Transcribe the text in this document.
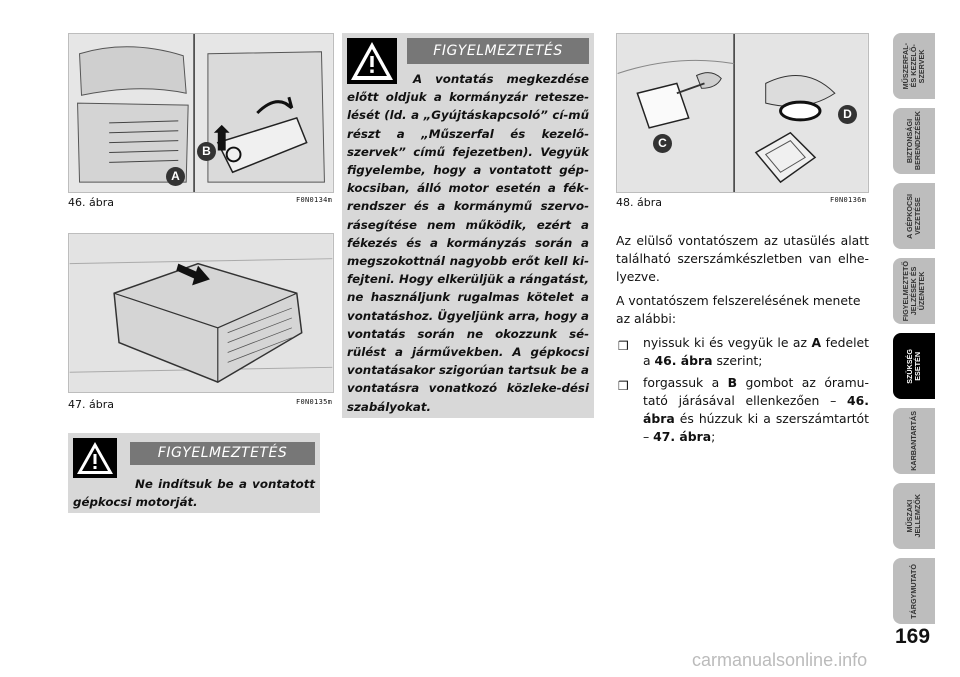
A
B
46. ábra	F0N0134m
47. ábra	F0N0135m
FIGYELMEZTETÉS
Ne indítsuk be a vontatott gépkocsi motorját.
FIGYELMEZTETÉS
A vontatás megkezdése előtt oldjuk a kormányzár retesze-lését (ld. a „Gyújtáskapcsoló” cí-mű részt a „Műszerfal és kezelő-szervek” című fejezetben). Vegyük figyelembe, hogy a vontatott gép-kocsiban, álló motor esetén a fék-rendszer és a kormánymű szervo-rásegítése nem működik, ezért a fékezés és a kormányzás során a megszokottnál nagyobb erőt kell ki-fejteni. Hogy elkerüljük a rángatást, ne használjunk rugalmas kötelet a vontatáshoz. Ügyeljünk arra, hogy a vontatás során ne okozzunk sé-rülést a járművekben. A gépkocsi vontatásakor szigorúan tartsuk be a vontatásra vonatkozó közleke-dési szabályokat.
C
D
48. ábra	F0N0136m

Az elülső vontatószem az utasülés alatt található szerszámkészletben van elhe-lyezve.

A vontatószem felszerelésének menete az alábbi:

❒ nyissuk ki és vegyük le az A fedelet a 46. ábra szerint;
❒ forgassuk a B gombot az óramu-tató járásával ellenkezően – 46. ábra és húzzuk ki a szerszámtartót – 47. ábra;
MŰSZERFAL-
ÉS KEZELŐ-
SZERVEK
BIZTONSÁGI
BERENDEZÉSEK
A GÉPKOCSI
VEZETÉSE
FIGYELMEZTETŐ
JELZÉSEK ÉS
ÜZENETEK
SZÜKSÉG
ESETÉN
KARBANTARTÁS
MŰSZAKI
JELLEMZŐK
TÁRGYMUTATÓ
169
carmanualsonline.info
